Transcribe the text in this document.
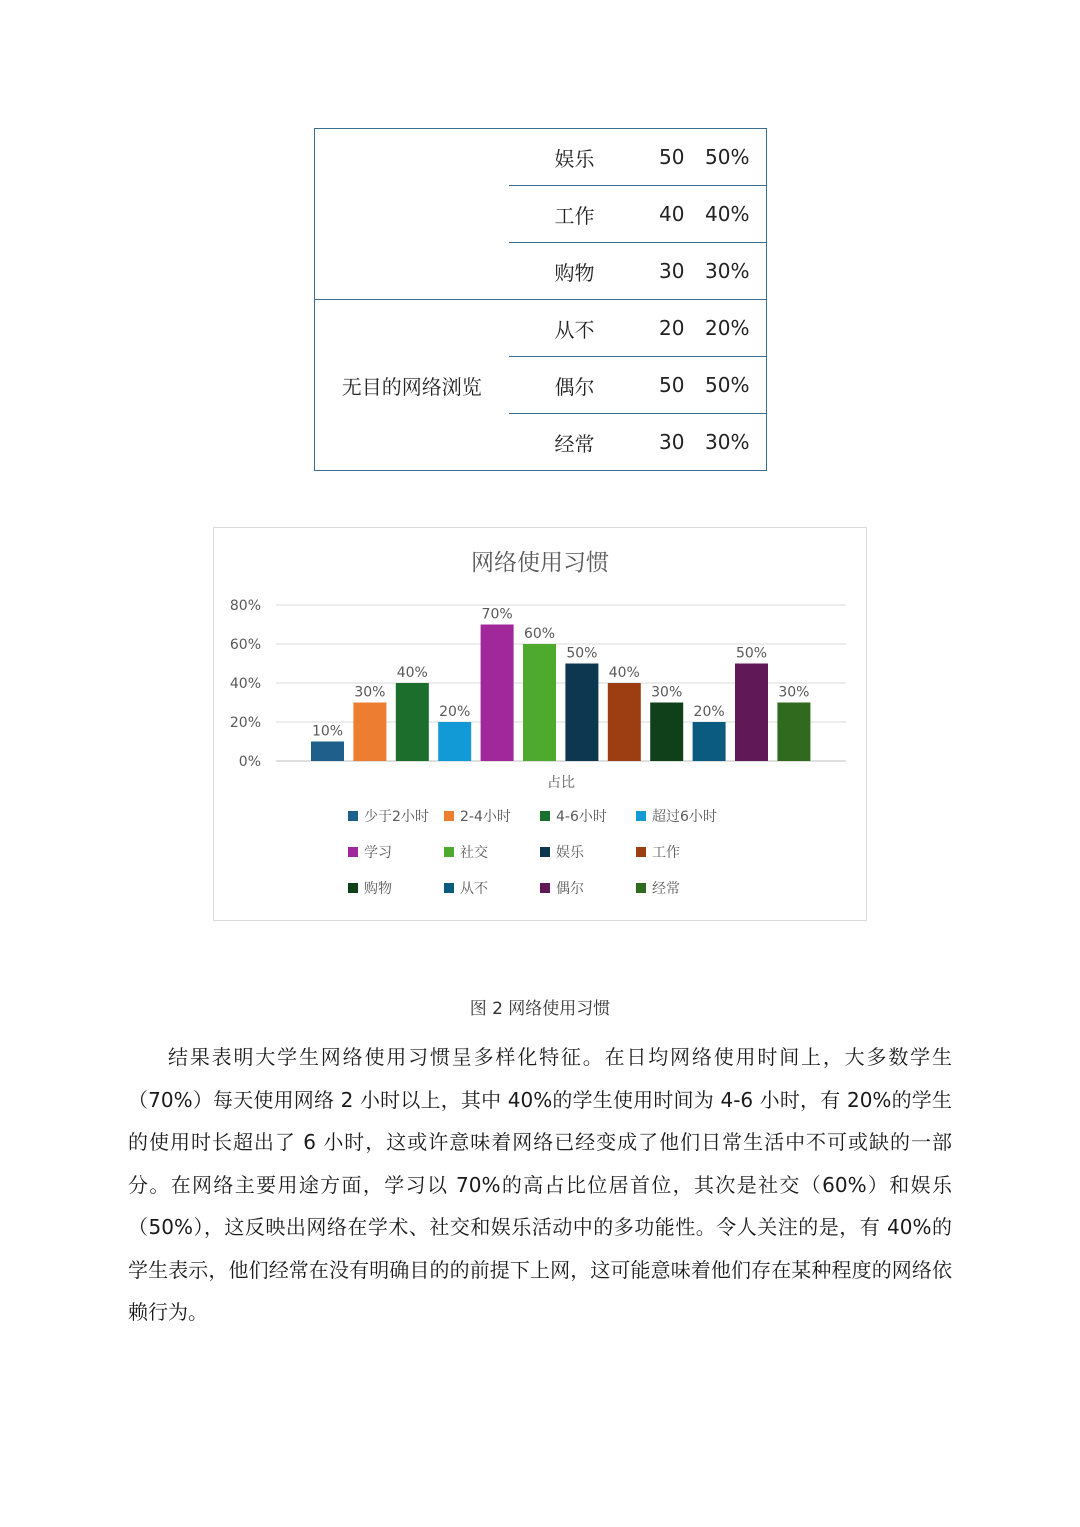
	娱乐	50	50%
	工作	40	40%
	购物	30	30%
无目的网络浏览	从不	20	20%
	偶尔	50	50%
	经常	30	30%
网络使用习惯
0%
20%
40%
60%
80%
10%
30%
40%
20%
70%
60%
50%
40%
30%
20%
50%
30%
占比
少于2小时 2-4小时	4-6小时	超过6小时
学习	社交	娱乐	工作
购物	从不	偶尔	经常
图 2 网络使用习惯

结果表明大学生网络使用习惯呈多样化特征。在日均网络使用时间上，大多数学生（70%）每天使用网络 2 小时以上，其中 40%的学生使用时间为 4-6 小时，有 20%的学生的使用时长超出了 6 小时，这或许意味着网络已经变成了他们日常生活中不可或缺的一部分。在网络主要用途方面，学习以 70%的高占比位居首位，其次是社交（60%）和娱乐（50%），这反映出网络在学术、社交和娱乐活动中的多功能性。令人关注的是，有 40%的学生表示，他们经常在没有明确目的的前提下上网，这可能意味着他们存在某种程度的网络依赖行为。
